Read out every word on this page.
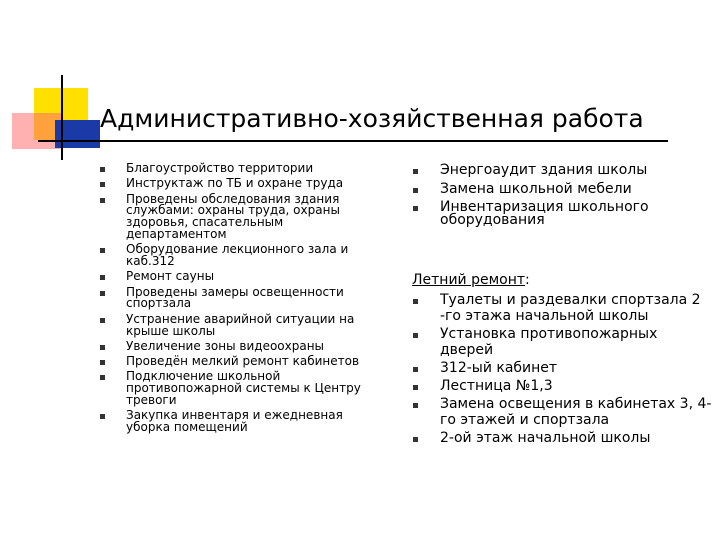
Административно-хозяйственная работа
Благоустройство территории
Инструктаж по ТБ и охране труда
Проведены обследования здания службами: охраны труда, охраны здоровья, спасательным департаментом
Оборудование лекционного зала и каб.312
Ремонт сауны
Проведены замеры освещенности спортзала
Устранение аварийной ситуации на крыше школы
Увеличение зоны видеоохраны
Проведён мелкий ремонт кабинетов
Подключение школьной противопожарной системы к Центру тревоги
Закупка инвентаря и ежедневная уборка помещений
Энергоаудит здания школы
Замена школьной мебели
Инвентаризация школьного оборудования

Летний ремонт:

Туалеты и раздевалки спортзала 2 -го этажа начальной школы
Установка противопожарных дверей
312-ый кабинет
Лестница №1,3
Замена освещения в кабинетах 3, 4-го этажей и спортзала
2-ой этаж начальной школы
